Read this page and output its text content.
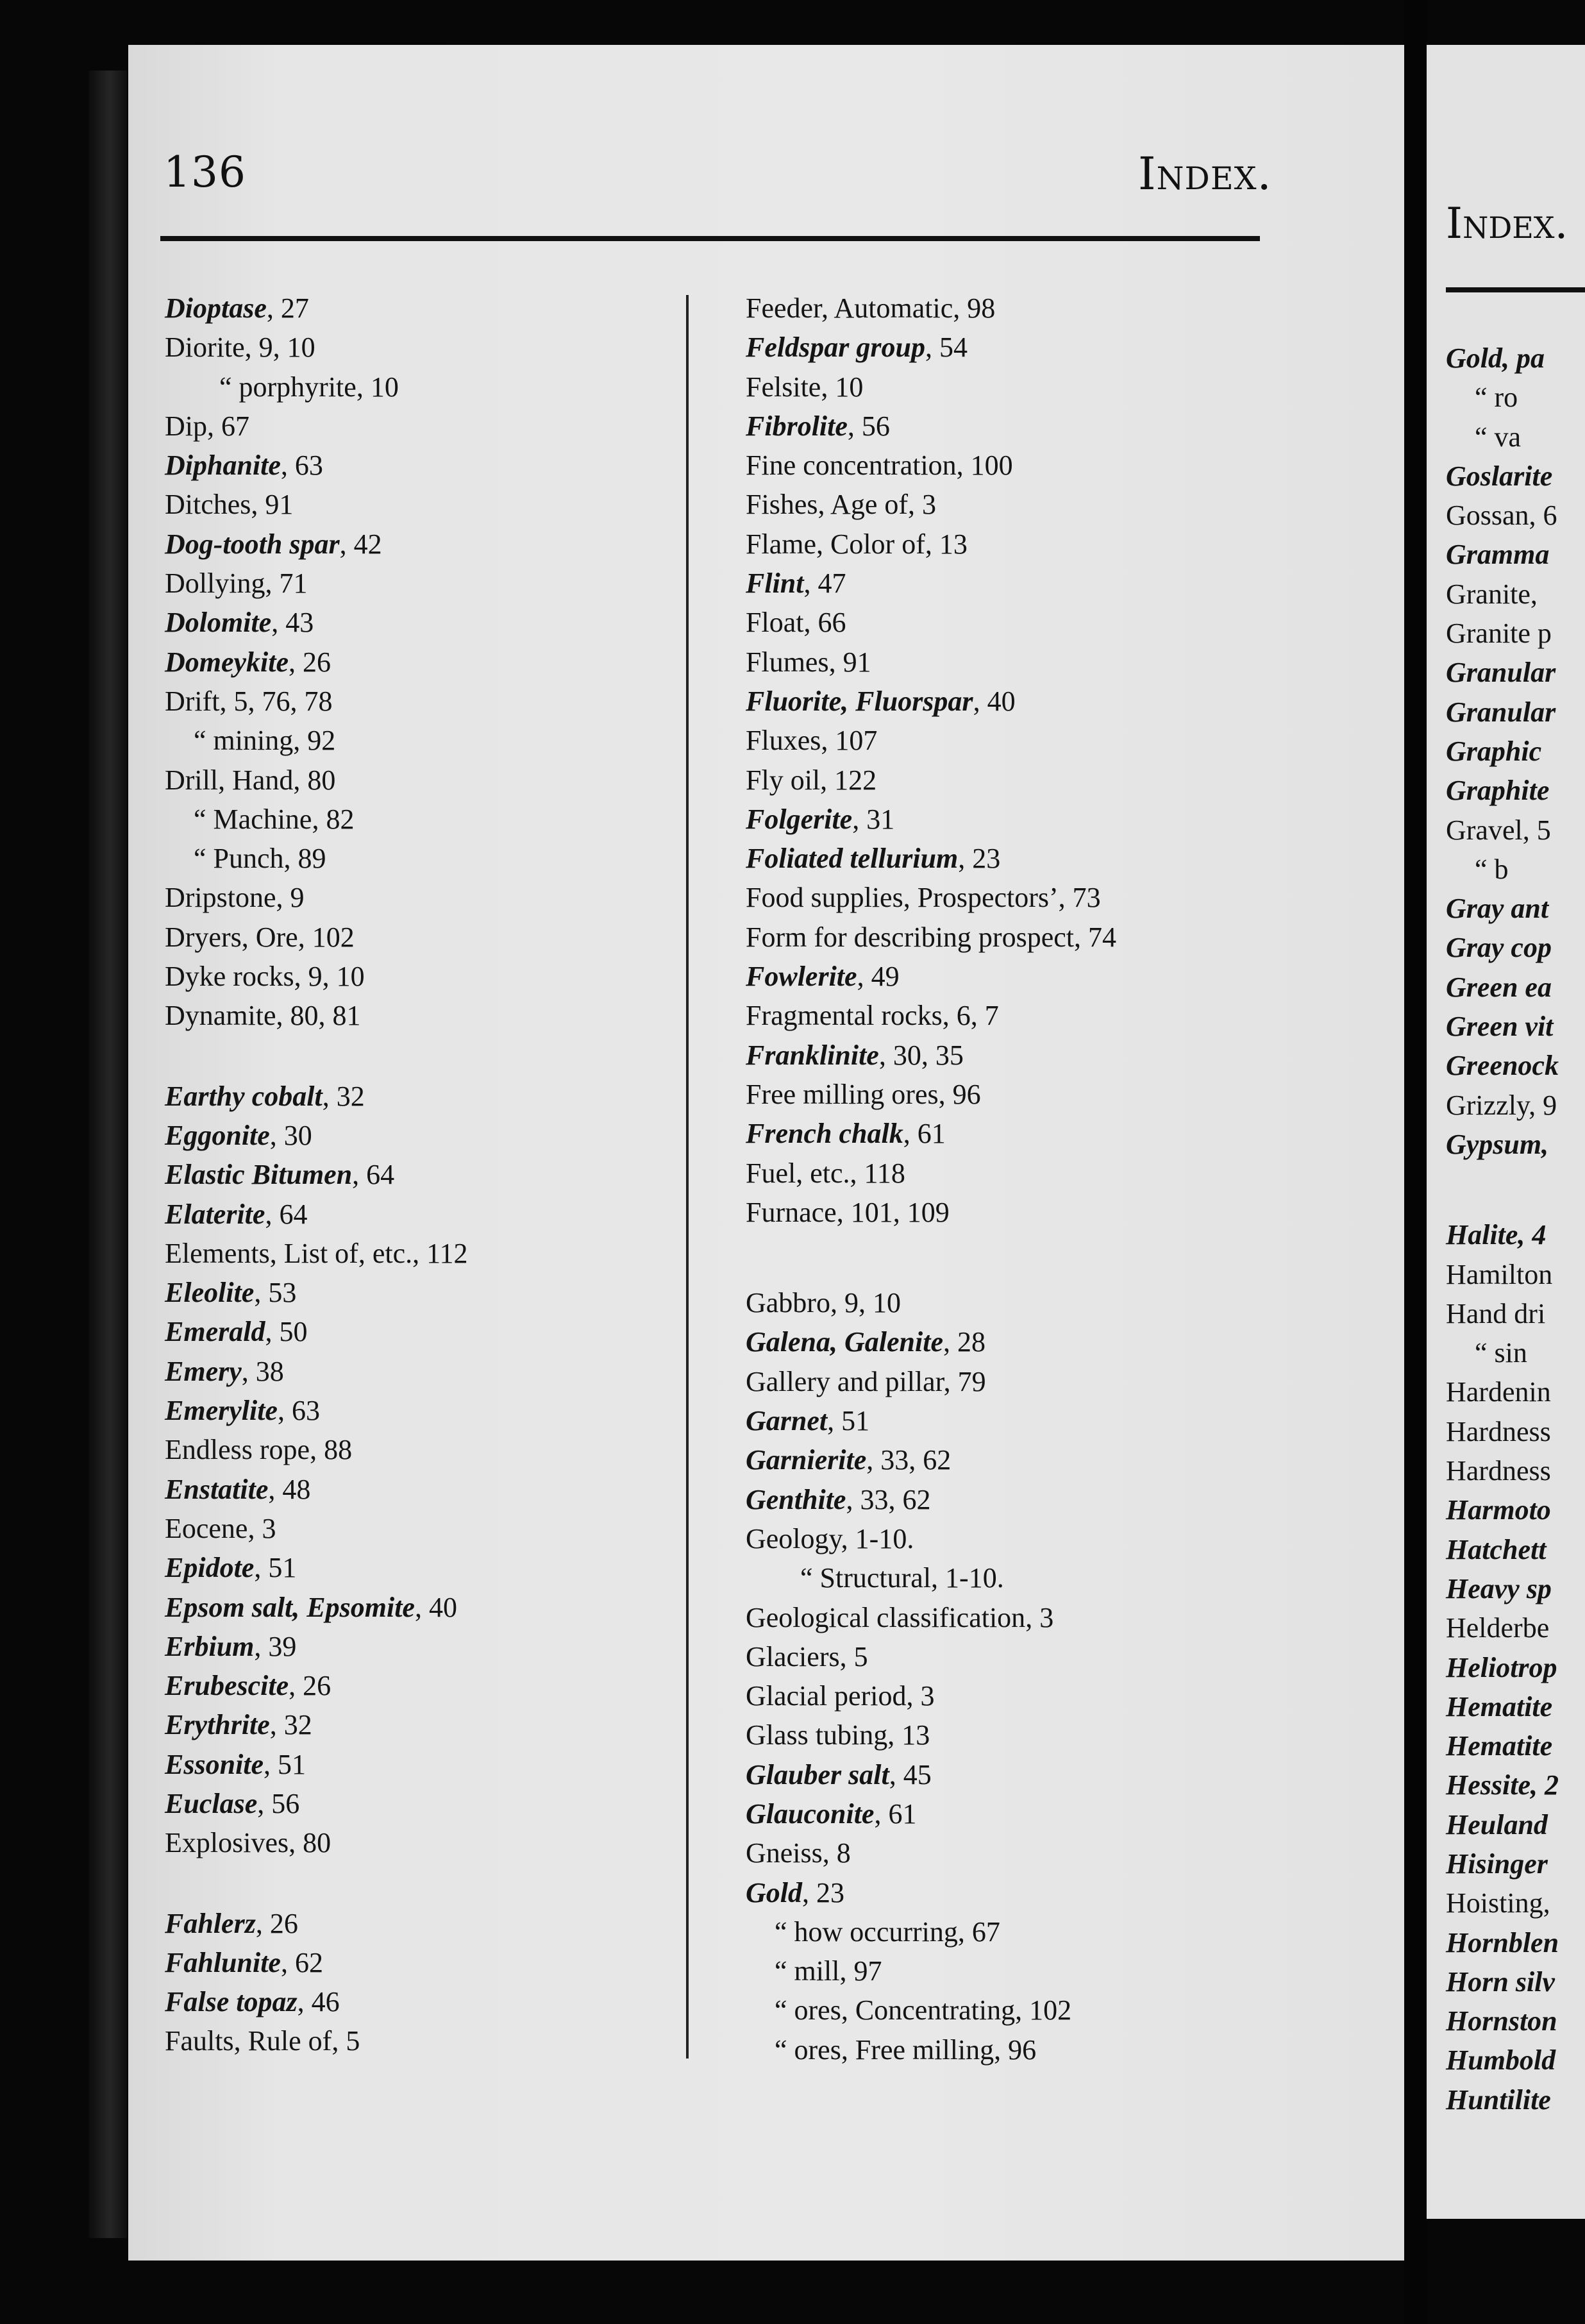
136	Index.
Dioptase, 27
Diorite, 9, 10
“ porphyrite, 10
Dip, 67
Diphanite, 63
Ditches, 91
Dog-tooth spar, 42
Dollying, 71
Dolomite, 43
Domeykite, 26
Drift, 5, 76, 78
“ mining, 92
Drill, Hand, 80
“ Machine, 82
“ Punch, 89
Dripstone, 9
Dryers, Ore, 102
Dyke rocks, 9, 10
Dynamite, 80, 81
Earthy cobalt, 32
Eggonite, 30
Elastic Bitumen, 64
Elaterite, 64
Elements, List of, etc., 112
Eleolite, 53
Emerald, 50
Emery, 38
Emerylite, 63
Endless rope, 88
Enstatite, 48
Eocene, 3
Epidote, 51
Epsom salt, Epsomite, 40
Erbium, 39
Erubescite, 26
Erythrite, 32
Essonite, 51
Euclase, 56
Explosives, 80
Fahlerz, 26
Fahlunite, 62
False topaz, 46
Faults, Rule of, 5
Feeder, Automatic, 98
Feldspar group, 54
Felsite, 10
Fibrolite, 56
Fine concentration, 100
Fishes, Age of, 3
Flame, Color of, 13
Flint, 47
Float, 66
Flumes, 91
Fluorite, Fluorspar, 40
Fluxes, 107
Fly oil, 122
Folgerite, 31
Foliated tellurium, 23
Food supplies, Prospectors’, 73
Form for describing prospect, 74
Fowlerite, 49
Fragmental rocks, 6, 7
Franklinite, 30, 35
Free milling ores, 96
French chalk, 61
Fuel, etc., 118
Furnace, 101, 109
Gabbro, 9, 10
Galena, Galenite, 28
Gallery and pillar, 79
Garnet, 51
Garnierite, 33, 62
Genthite, 33, 62
Geology, 1-10.
“ Structural, 1-10.
Geological classification, 3
Glaciers, 5
Glacial period, 3
Glass tubing, 13
Glauber salt, 45
Glauconite, 61
Gneiss, 8
Gold, 23
“ how occurring, 67
“ mill, 97
“ ores, Concentrating, 102
“ ores, Free milling, 96
Index.
Gold, pa
“ ro
“ va
Goslarite
Gossan, 6
Gramma
Granite,
Granite p
Granular
Granular
Graphic
Graphite
Gravel, 5
“ b
Gray ant
Gray cop
Green ea
Green vit
Greenock
Grizzly, 9
Gypsum,
Halite, 4
Hamilton
Hand dri
“ sin
Hardenin
Hardness
Hardness
Harmoto
Hatchett
Heavy sp
Helderbe
Heliotrop
Hematite
Hematite
Hessite, 2
Heuland
Hisinger
Hoisting,
Hornblen
Horn silv
Hornston
Humbold
Huntilite
